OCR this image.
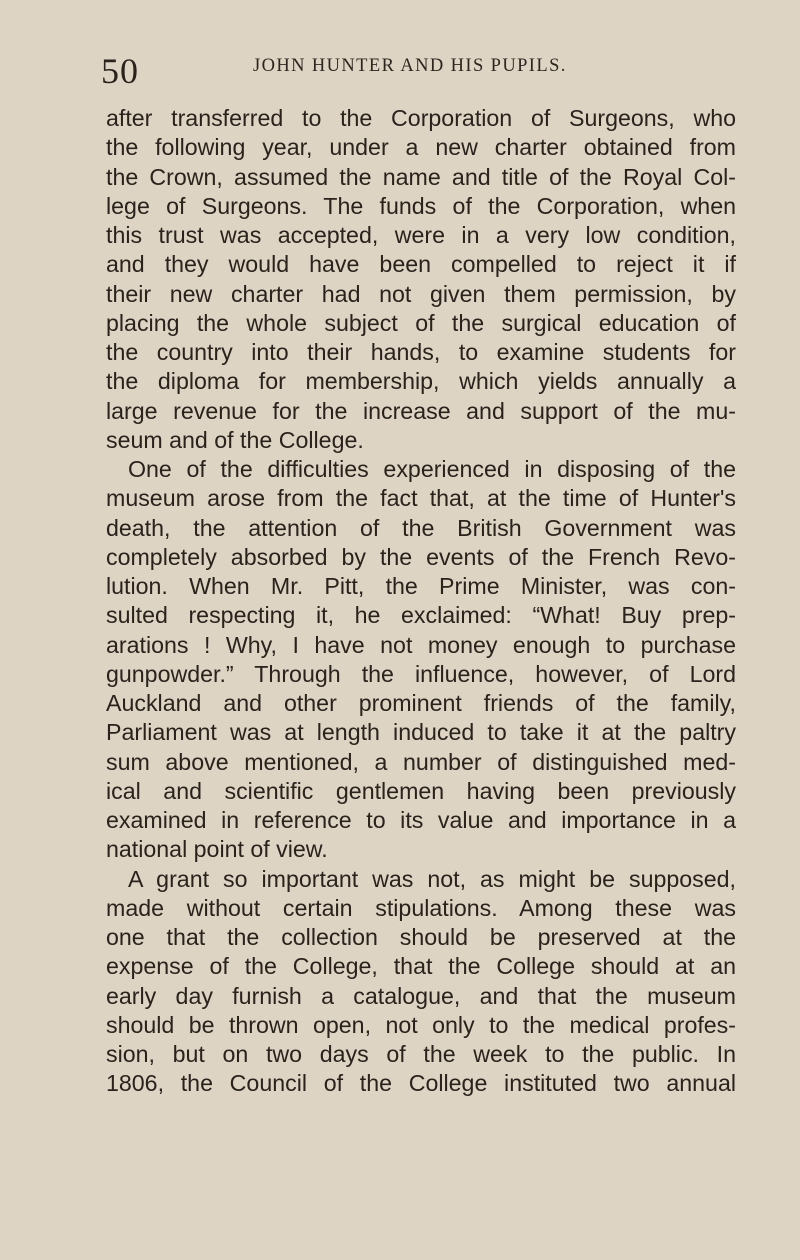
50	JOHN HUNTER AND HIS PUPILS.
after transferred to the Corporation of Surgeons, who
the following year, under a new charter obtained from
the Crown, assumed the name and title of the Royal Col-
lege of Surgeons. The funds of the Corporation, when
this trust was accepted, were in a very low condition,
and they would have been compelled to reject it if
their new charter had not given them permission, by
placing the whole subject of the surgical education of
the country into their hands, to examine students for
the diploma for membership, which yields annually a
large revenue for the increase and support of the mu-
seum and of the College.
One of the difficulties experienced in disposing of the
museum arose from the fact that, at the time of Hunter's
death, the attention of the British Government was
completely absorbed by the events of the French Revo-
lution. When Mr. Pitt, the Prime Minister, was con-
sulted respecting it, he exclaimed: “What! Buy prep-
arations ! Why, I have not money enough to purchase
gunpowder.” Through the influence, however, of Lord
Auckland and other prominent friends of the family,
Parliament was at length induced to take it at the paltry
sum above mentioned, a number of distinguished med-
ical and scientific gentlemen having been previously
examined in reference to its value and importance in a
national point of view.
A grant so important was not, as might be supposed,
made without certain stipulations. Among these was
one that the collection should be preserved at the
expense of the College, that the College should at an
early day furnish a catalogue, and that the museum
should be thrown open, not only to the medical profes-
sion, but on two days of the week to the public. In
1806, the Council of the College instituted two annual
